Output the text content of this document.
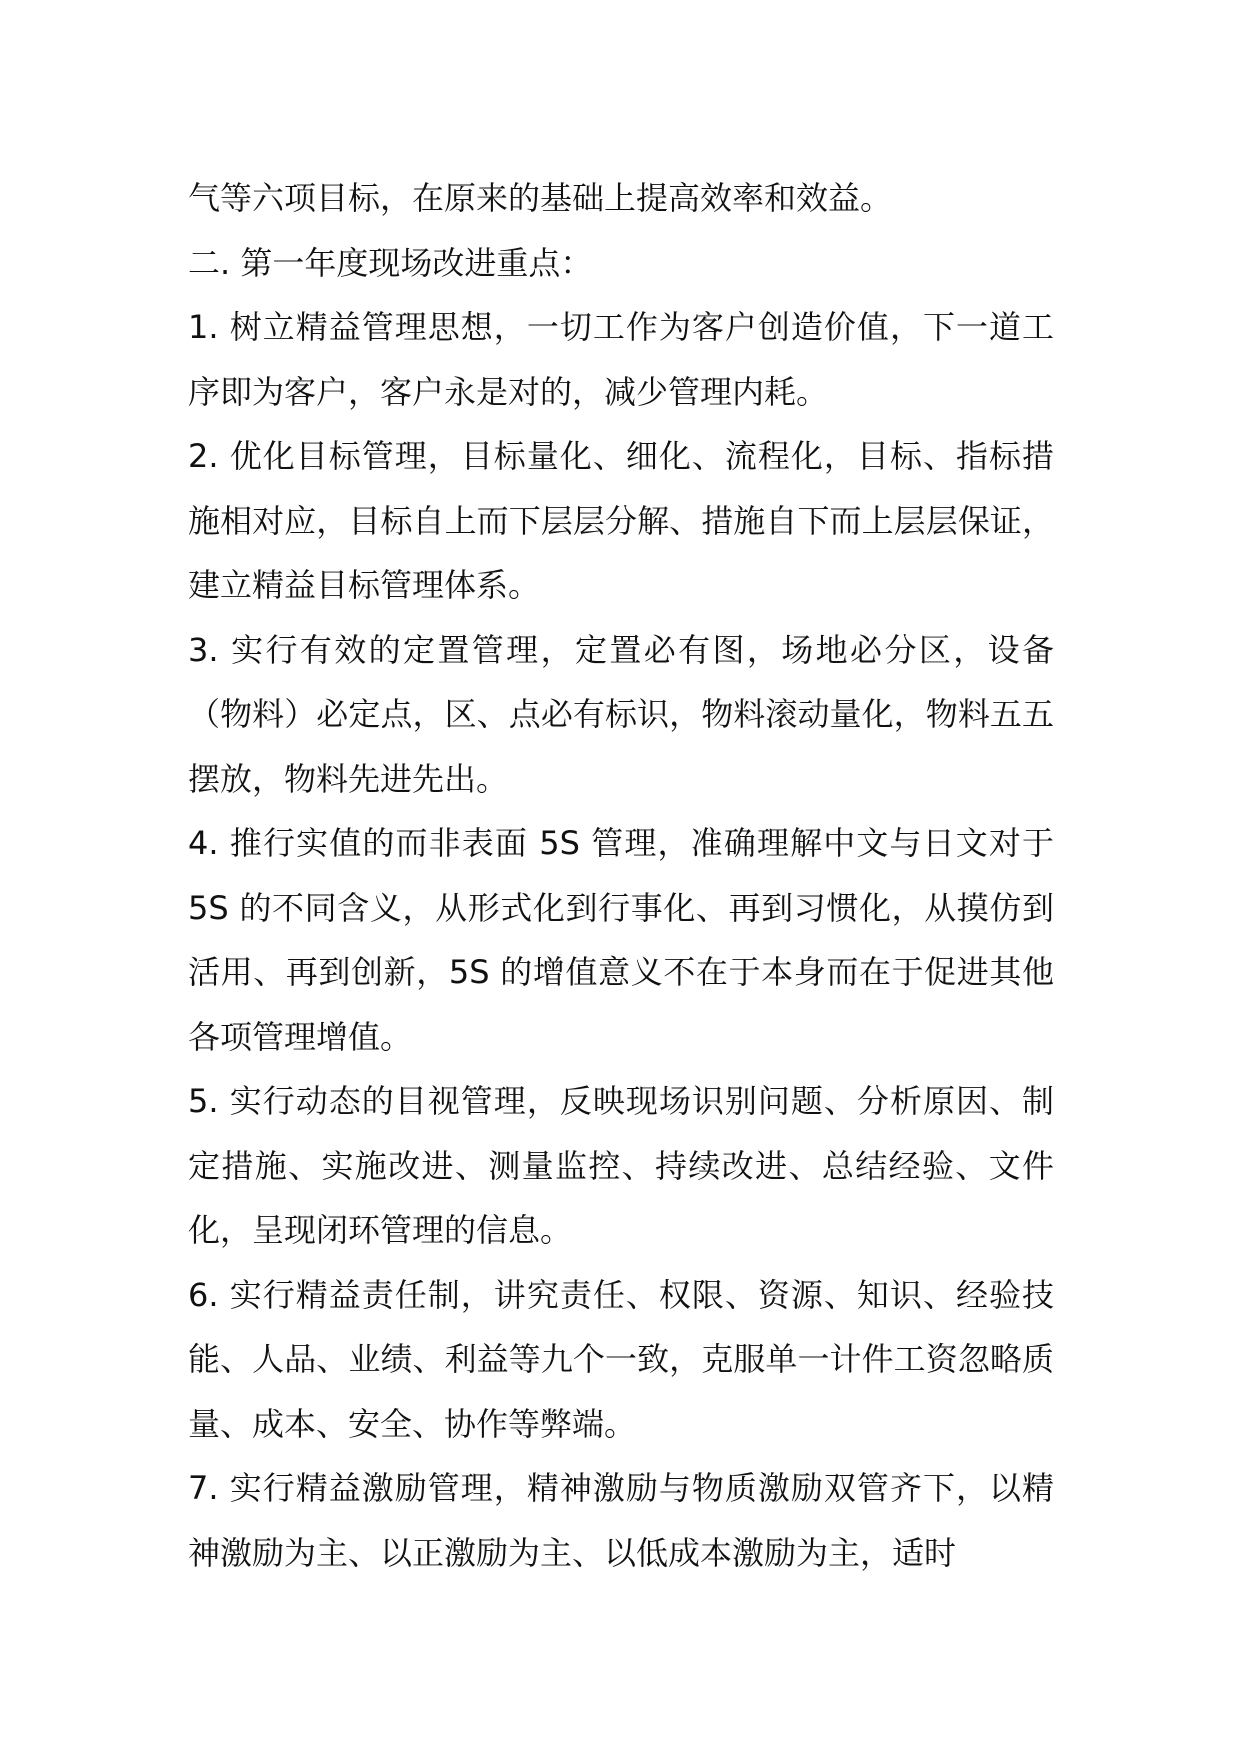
气等六项目标，在原来的基础上提高效率和效益。

二. 第一年度现场改进重点：

1. 树立精益管理思想，一切工作为客户创造价值，下一道工序即为客户，客户永是对的，减少管理内耗。

2. 优化目标管理，目标量化、细化、流程化，目标、指标措施相对应，目标自上而下层层分解、措施自下而上层层保证，建立精益目标管理体系。

3. 实行有效的定置管理，定置必有图，场地必分区，设备（物料）必定点，区、点必有标识，物料滚动量化，物料五五摆放，物料先进先出。

4. 推行实值的而非表面 5S 管理，准确理解中文与日文对于 5S 的不同含义，从形式化到行事化、再到习惯化，从摸仿到活用、再到创新，5S 的增值意义不在于本身而在于促进其他各项管理增值。

5. 实行动态的目视管理，反映现场识别问题、分析原因、制定措施、实施改进、测量监控、持续改进、总结经验、文件化，呈现闭环管理的信息。

6. 实行精益责任制，讲究责任、权限、资源、知识、经验技能、人品、业绩、利益等九个一致，克服单一计件工资忽略质量、成本、安全、协作等弊端。

7. 实行精益激励管理，精神激励与物质激励双管齐下，以精神激励为主、以正激励为主、以低成本激励为主，适时
